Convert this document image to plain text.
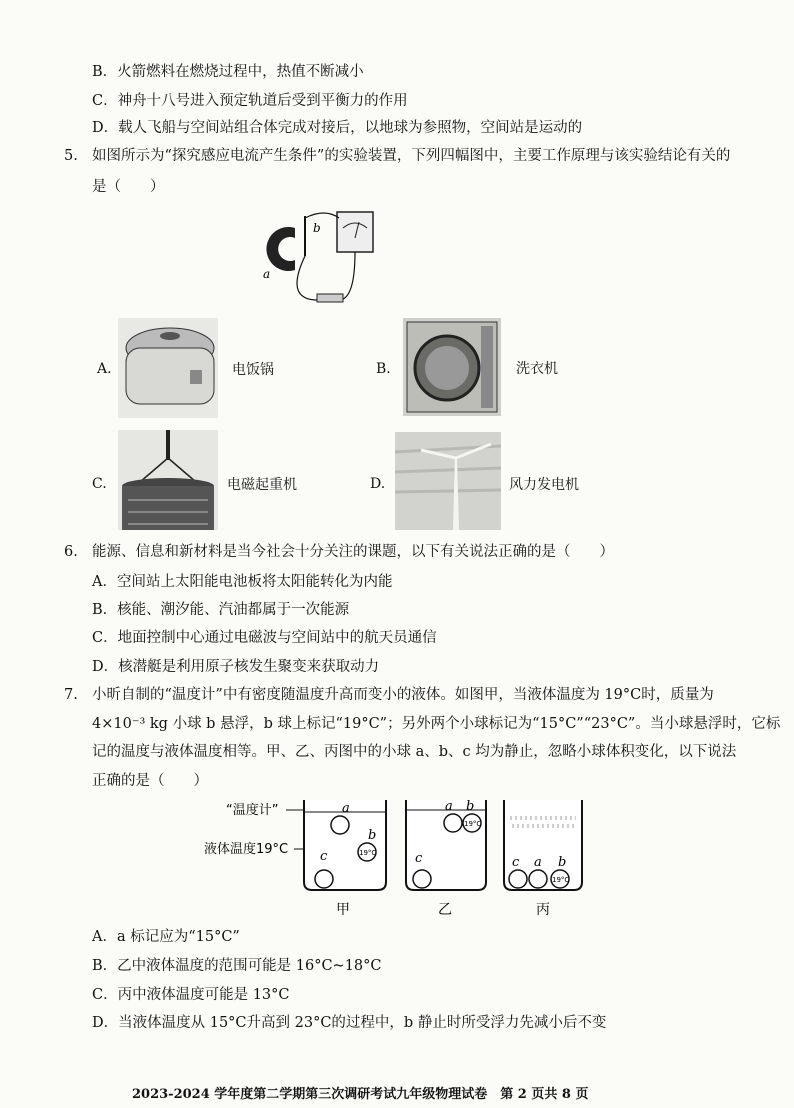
B．火箭燃料在燃烧过程中，热值不断减小
C．神舟十八号进入预定轨道后受到平衡力的作用
D．载人飞船与空间站组合体完成对接后，以地球为参照物，空间站是运动的
5. 如图所示为“探究感应电流产生条件”的实验装置，下列四幅图中，主要工作原理与该实验结论有关的
是（　　）
b
a
A.	电饭锅	B.	洗衣机
C.	电磁起重机	D.	风力发电机
6. 能源、信息和新材料是当今社会十分关注的课题，以下有关说法正确的是（　　）
A．空间站上太阳能电池板将太阳能转化为内能
B．核能、潮汐能、汽油都属于一次能源
C．地面控制中心通过电磁波与空间站中的航天员通信
D．核潜艇是利用原子核发生聚变来获取动力
7. 小昕自制的“温度计”中有密度随温度升高而变小的液体。如图甲，当液体温度为 19°C时，质量为
4×10⁻³ kg 小球 b 悬浮，b 球上标记“19°C”；另外两个小球标记为“15°C”“23°C”。当小球悬浮时，它标
记的温度与液体温度相等。甲、乙、丙图中的小球 a、b、c 均为静止，忽略小球体积变化，以下说法
正确的是（　　）
“温度计”
液体温度19°C
a
19°C
b
c
19°C
a b
c
19°C
c a b
甲	乙	丙
A．a 标记应为“15°C”
B．乙中液体温度的范围可能是 16°C~18°C
C．丙中液体温度可能是 13°C
D．当液体温度从 15°C升高到 23°C的过程中，b 静止时所受浮力先减小后不变
2023-2024 学年度第二学期第三次调研考试九年级物理试卷　第 2 页共 8 页
